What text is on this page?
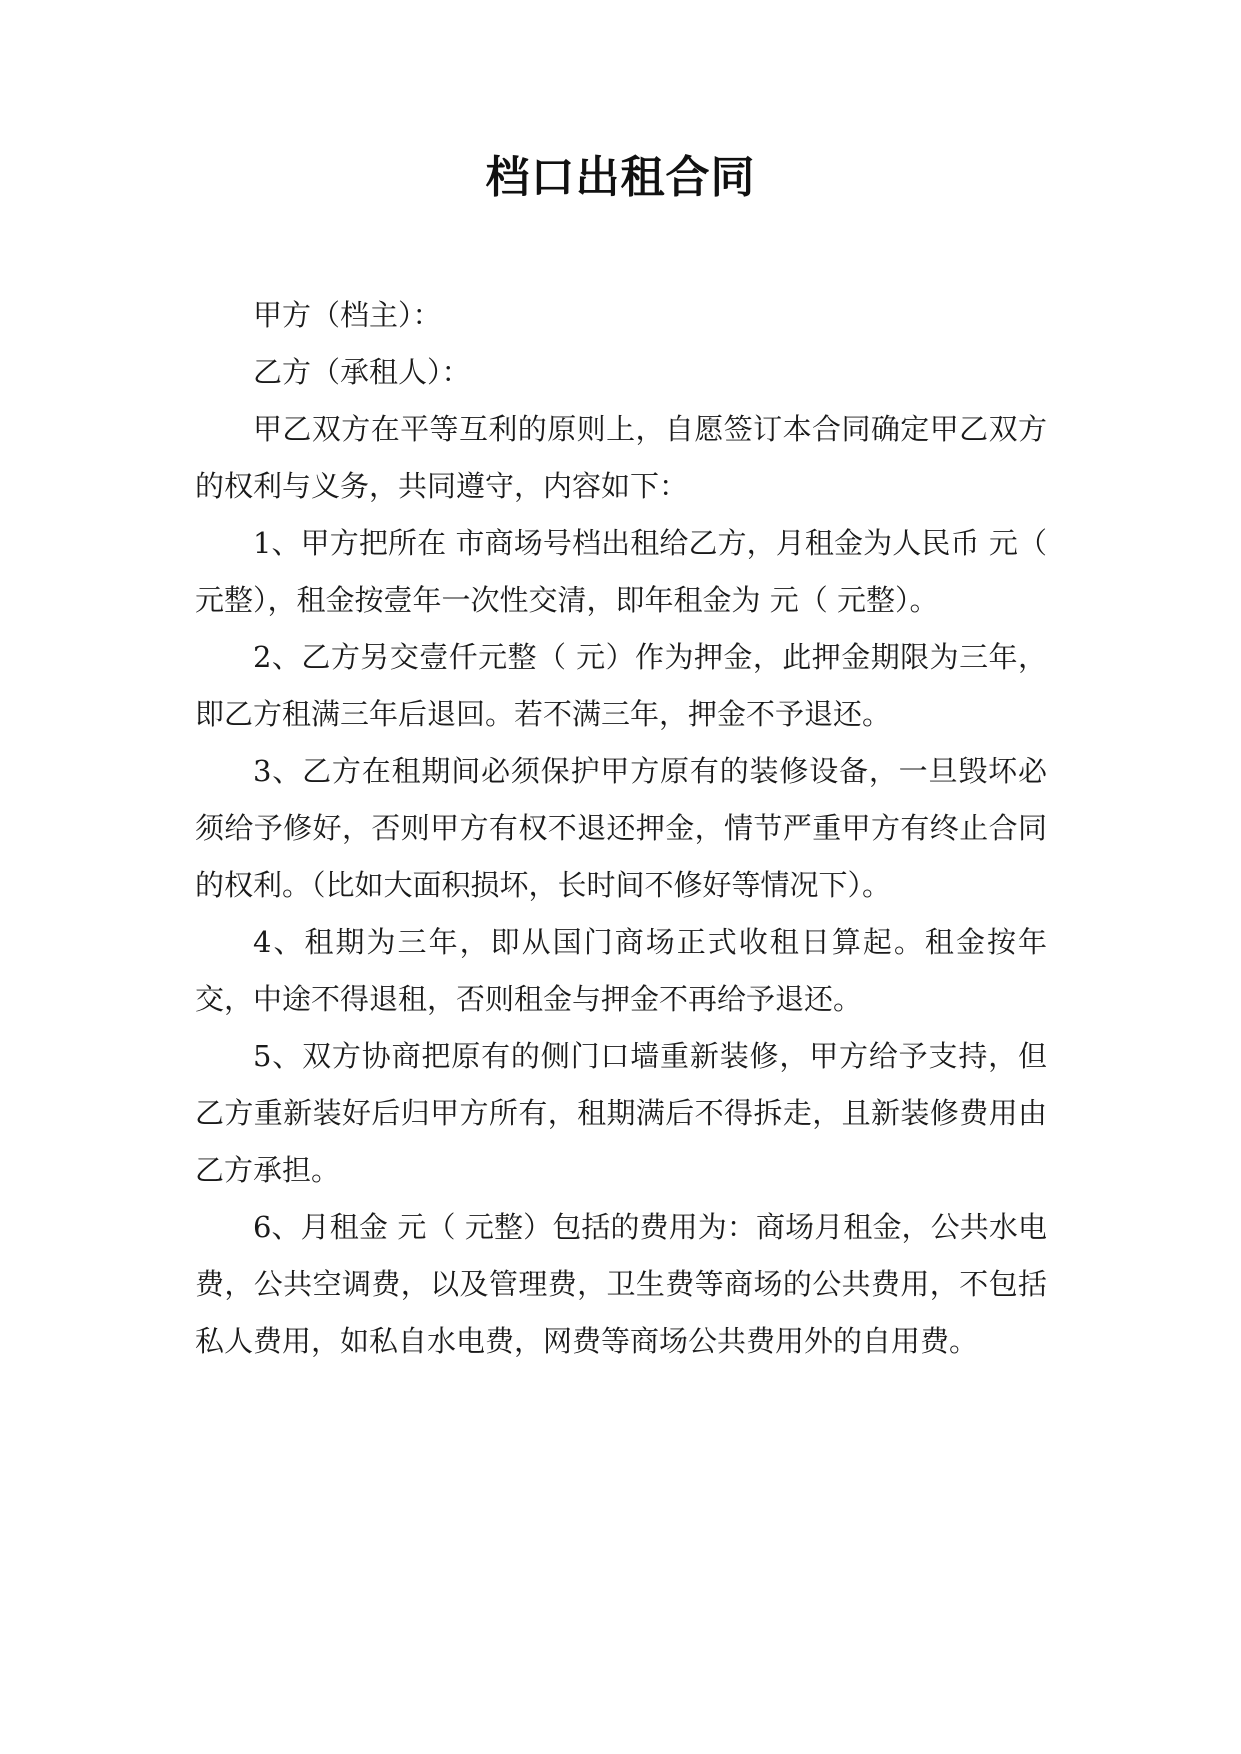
档口出租合同

甲方（档主）：

乙方（承租人）：

甲乙双方在平等互利的原则上，自愿签订本合同确定甲乙双方的权利与义务，共同遵守，内容如下：

1、甲方把所在 市商场号档出租给乙方，月租金为人民币 元（ 元整），租金按壹年一次性交清，即年租金为 元（ 元整）。

2、乙方另交壹仟元整（ 元）作为押金，此押金期限为三年，即乙方租满三年后退回。若不满三年，押金不予退还。

3、乙方在租期间必须保护甲方原有的装修设备，一旦毁坏必须给予修好，否则甲方有权不退还押金，情节严重甲方有终止合同的权利。（比如大面积损坏，长时间不修好等情况下）。

4、租期为三年，即从国门商场正式收租日算起。租金按年交，中途不得退租，否则租金与押金不再给予退还。

5、双方协商把原有的侧门口墙重新装修，甲方给予支持，但乙方重新装好后归甲方所有，租期满后不得拆走，且新装修费用由乙方承担。

6、月租金 元（ 元整）包括的费用为：商场月租金，公共水电费，公共空调费，以及管理费，卫生费等商场的公共费用，不包括私人费用，如私自水电费，网费等商场公共费用外的自用费。
